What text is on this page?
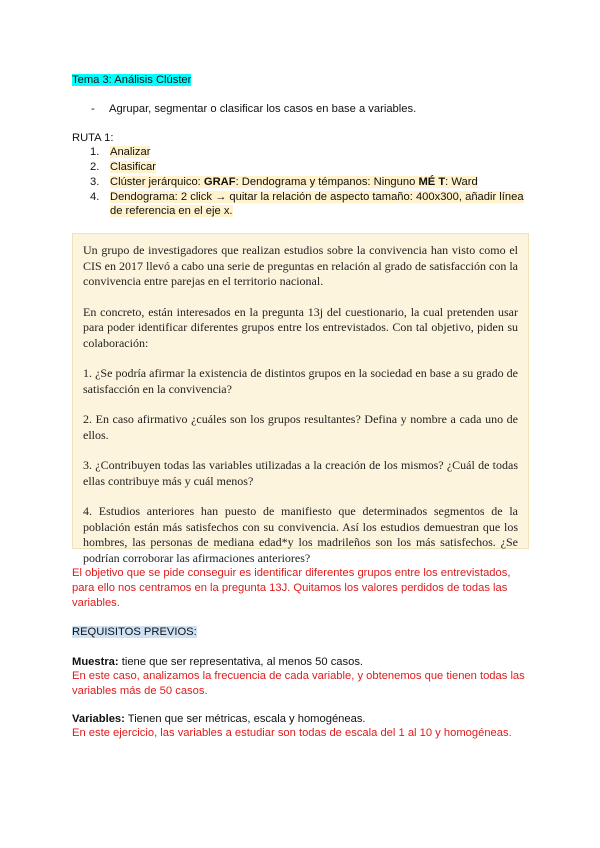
Tema 3: Análisis Clúster
- Agrupar, segmentar o clasificar los casos en base a variables.
RUTA 1:
1. Analizar
2. Clasificar
3. Clúster jerárquico: GRAF: Dendograma y témpanos: Ninguno MÉ T: Ward
4. Dendograma: 2 click → quitar la relación de aspecto tamaño: 400x300, añadir línea
de referencia en el eje x.

Un grupo de investigadores que realizan estudios sobre la convivencia han visto como el CIS en 2017 llevó a cabo una serie de preguntas en relación al grado de satisfacción con la convivencia entre parejas en el territorio nacional.

En concreto, están interesados en la pregunta 13j del cuestionario, la cual pretenden usar para poder identificar diferentes grupos entre los entrevistados. Con tal objetivo, piden su colaboración:

1. ¿Se podría afirmar la existencia de distintos grupos en la sociedad en base a su grado de satisfacción en la convivencia?

2. En caso afirmativo ¿cuáles son los grupos resultantes? Defina y nombre a cada uno de ellos.

3. ¿Contribuyen todas las variables utilizadas a la creación de los mismos? ¿Cuál de todas ellas contribuye más y cuál menos?

4. Estudios anteriores han puesto de manifiesto que determinados segmentos de la población están más satisfechos con su convivencia. Así los estudios demuestran que los hombres, las personas de mediana edad*y los madrileños son los más satisfechos. ¿Se podrían corroborar las afirmaciones anteriores?

El objetivo que se pide conseguir es identificar diferentes grupos entre los entrevistados,
para ello nos centramos en la pregunta 13J. Quitamos los valores perdidos de todas las
variables.
REQUISITOS PREVIOS:
Muestra: tiene que ser representativa, al menos 50 casos.
En este caso, analizamos la frecuencia de cada variable, y obtenemos que tienen todas las
variables más de 50 casos.
Variables: Tienen que ser métricas, escala y homogéneas.
En este ejercicio, las variables a estudiar son todas de escala del 1 al 10 y homogéneas.
